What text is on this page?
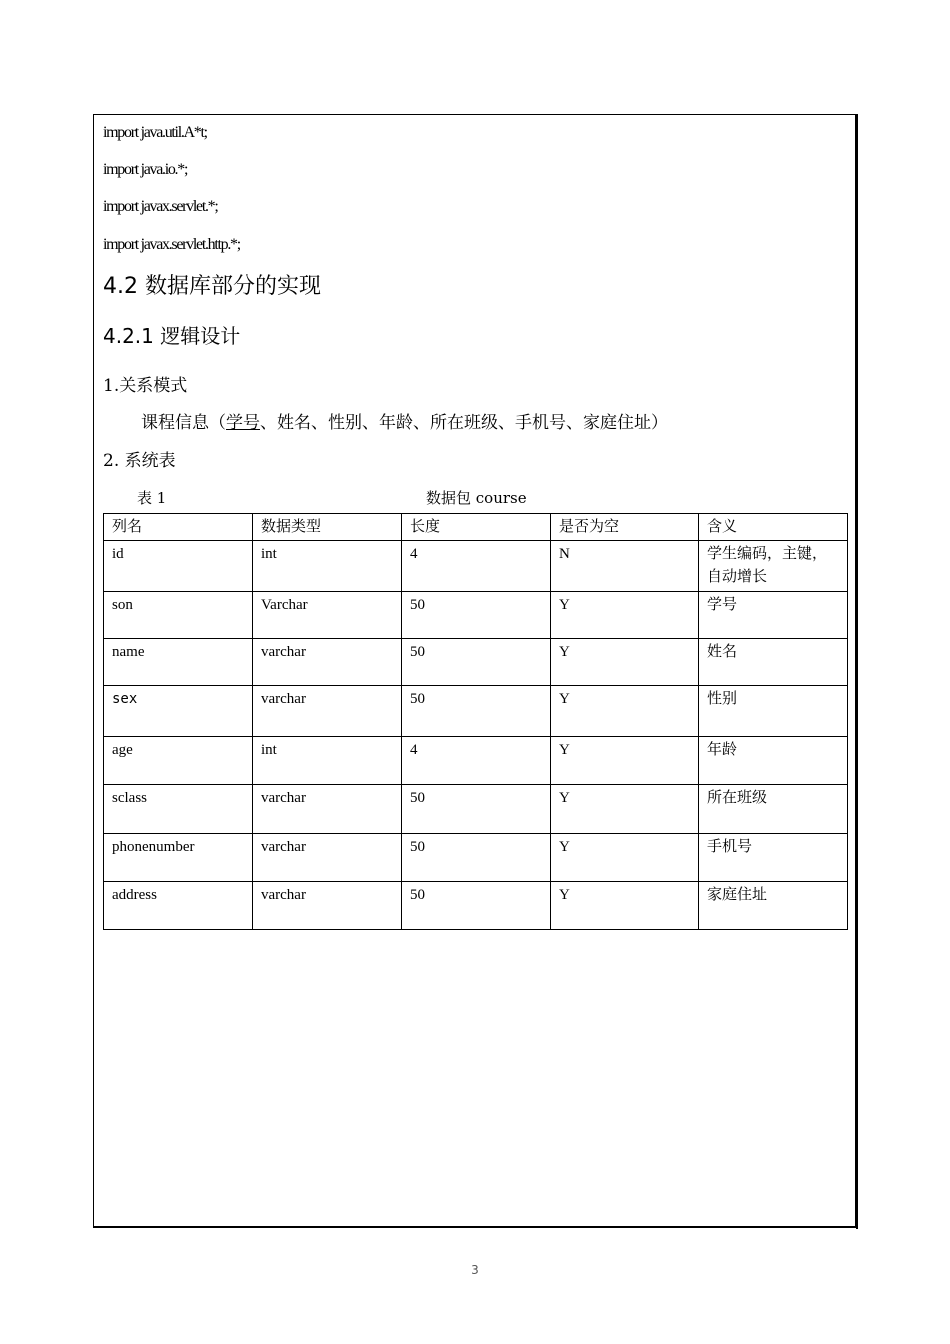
import java.util.A*t;
import java.io.*;
import javax.servlet.*;
import javax.servlet.http.*;
4.2 数据库部分的实现
4.2.1 逻辑设计
1.关系模式
课程信息（学号、姓名、性别、年龄、所在班级、手机号、家庭住址）
2. 系统表
表 1	数据包 course
列名	数据类型	长度	是否为空	含义
id	int	4	N	学生编码，主键，自动增长
son	Varchar	50	Y	学号
name	varchar	50	Y	姓名
sex	varchar	50	Y	性别
age	int	4	Y	年龄
sclass	varchar	50	Y	所在班级
phonenumber	varchar	50	Y	手机号
address	varchar	50	Y	家庭住址
3
